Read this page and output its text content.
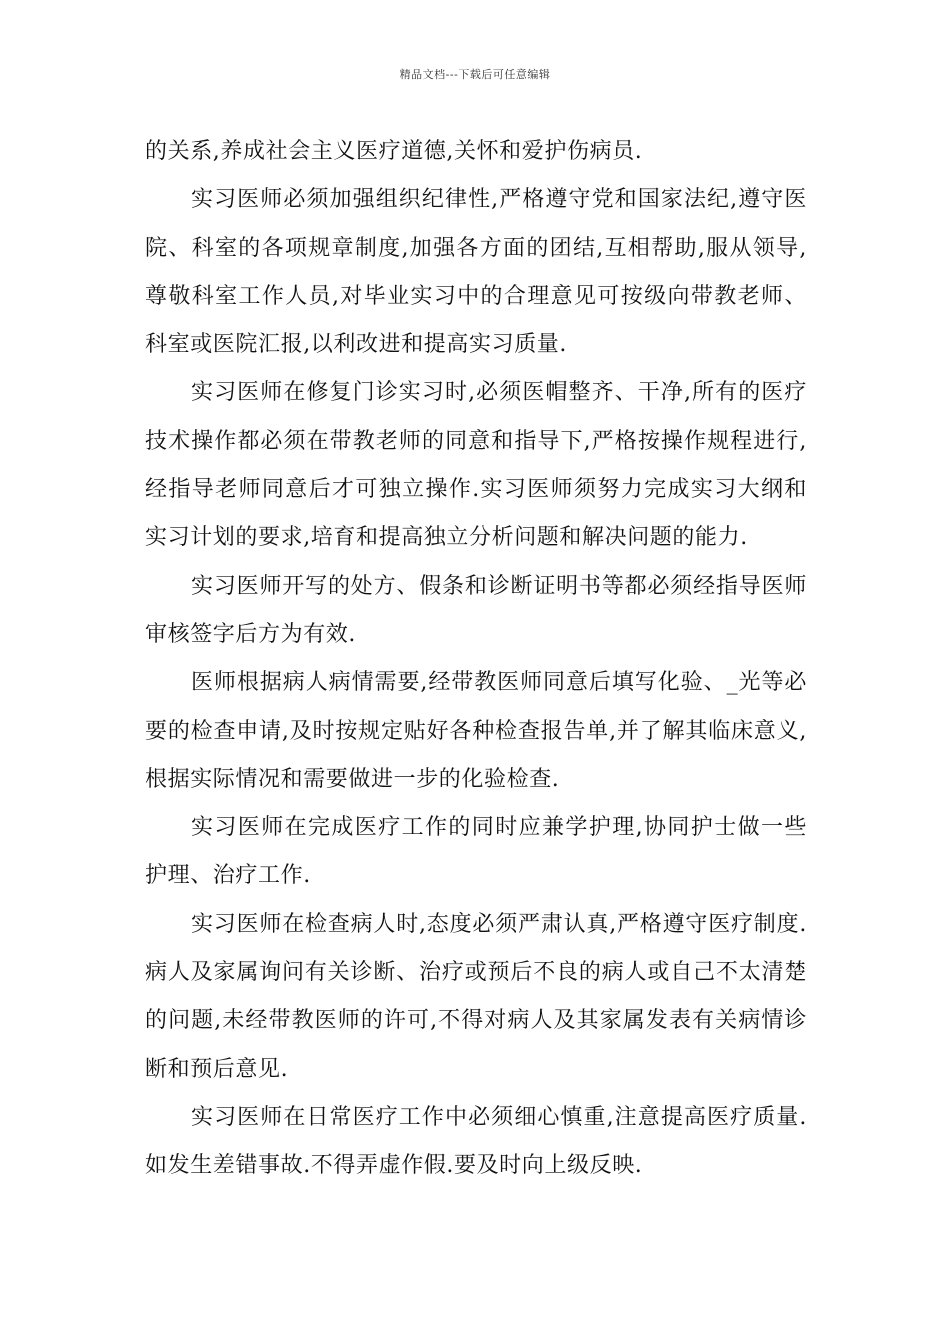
精品文档---下载后可任意编辑

的关系,养成社会主义医疗道德,关怀和爱护伤病员.

实习医师必须加强组织纪律性,严格遵守党和国家法纪,遵守医院、科室的各项规章制度,加强各方面的团结,互相帮助,服从领导,尊敬科室工作人员,对毕业实习中的合理意见可按级向带教老师、科室或医院汇报,以利改进和提高实习质量.

实习医师在修复门诊实习时,必须医帽整齐、干净,所有的医疗技术操作都必须在带教老师的同意和指导下,严格按操作规程进行,经指导老师同意后才可独立操作.实习医师须努力完成实习大纲和实习计划的要求,培育和提高独立分析问题和解决问题的能力.

实习医师开写的处方、假条和诊断证明书等都必须经指导医师审核签字后方为有效.

医师根据病人病情需要,经带教医师同意后填写化验、_光等必要的检查申请,及时按规定贴好各种检查报告单,并了解其临床意义,根据实际情况和需要做进一步的化验检查.

实习医师在完成医疗工作的同时应兼学护理,协同护士做一些护理、治疗工作.

实习医师在检查病人时,态度必须严肃认真,严格遵守医疗制度.病人及家属询问有关诊断、治疗或预后不良的病人或自己不太清楚的问题,未经带教医师的许可,不得对病人及其家属发表有关病情诊断和预后意见.

实习医师在日常医疗工作中必须细心慎重,注意提高医疗质量.如发生差错事故.不得弄虚作假.要及时向上级反映.
